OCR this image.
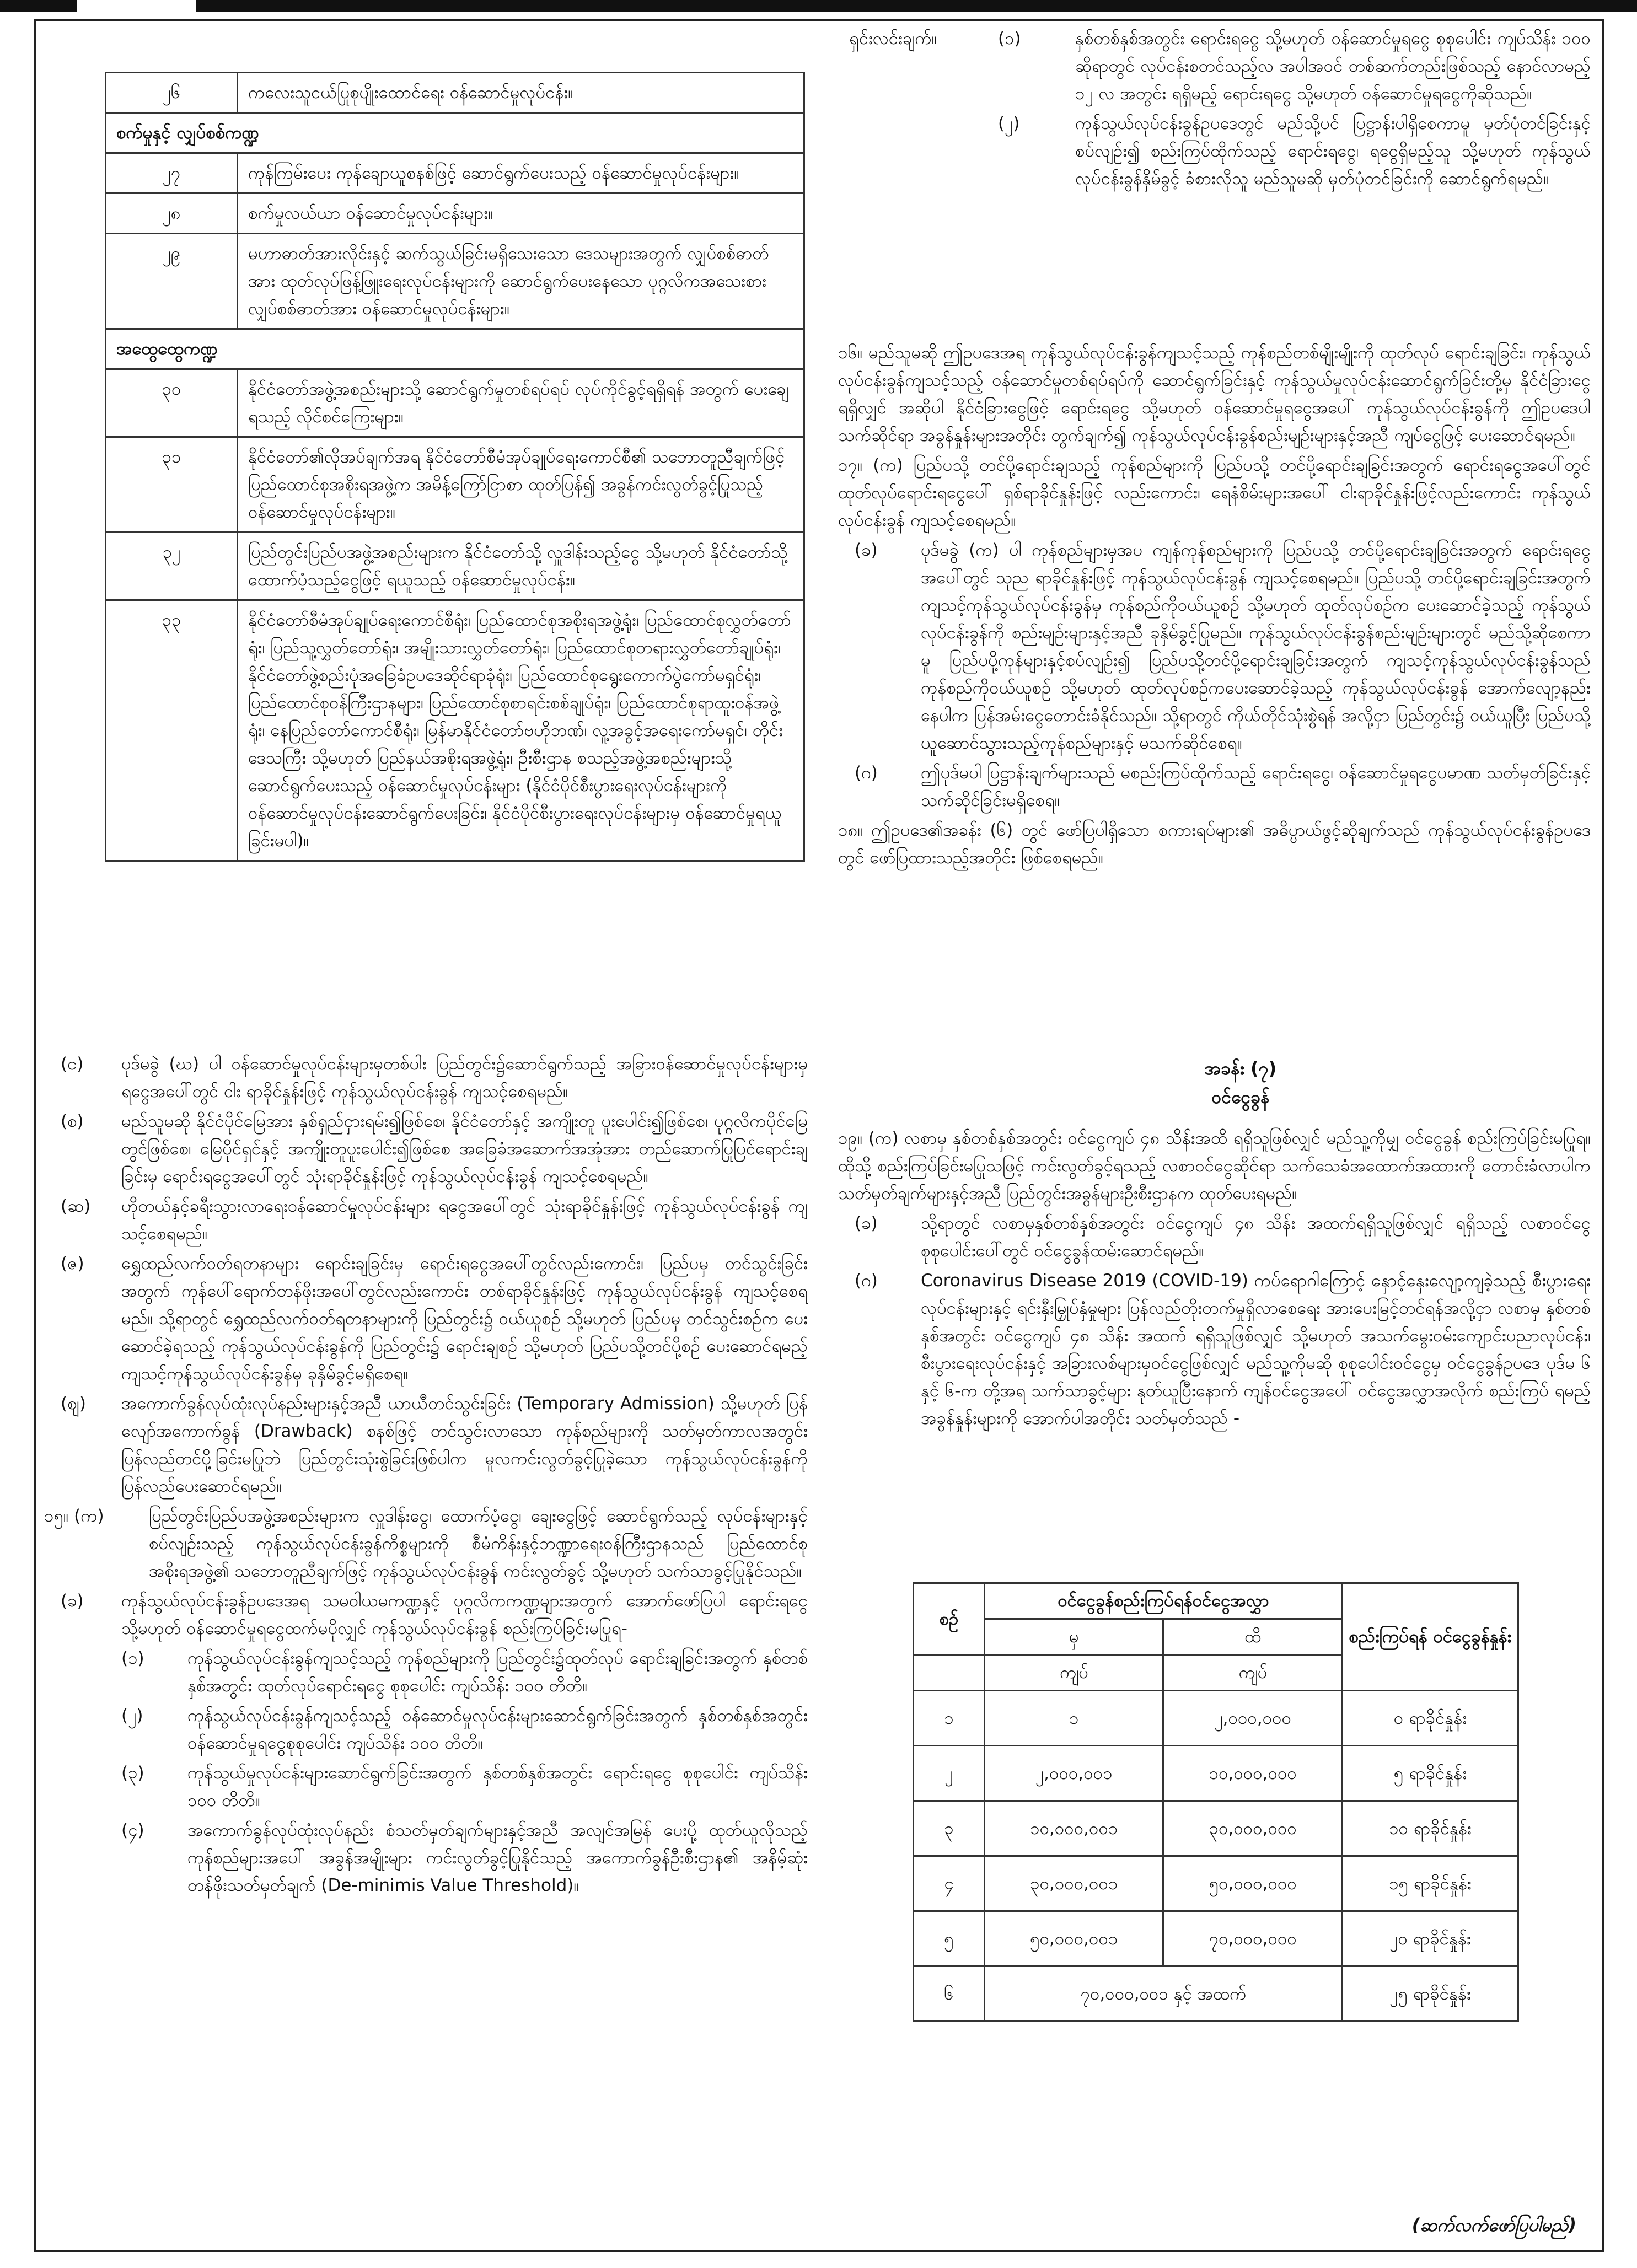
၂၆	ကလေးသူငယ်ပြုစုပျိုးထောင်ရေး ဝန်ဆောင်မှုလုပ်ငန်း။
စက်မှုနှင့် လျှပ်စစ်ကဏ္ဍ	
၂၇	ကုန်ကြမ်းပေး ကုန်ချောယူစနစ်ဖြင့် ဆောင်ရွက်ပေးသည့် ဝန်ဆောင်မှုလုပ်ငန်းများ။
၂၈	စက်မှုလယ်ယာ ဝန်ဆောင်မှုလုပ်ငန်းများ။
၂၉	မဟာဓာတ်အားလိုင်းနှင့် ဆက်သွယ်ခြင်းမရှိသေးသော ဒေသများအတွက် လျှပ်စစ်ဓာတ်အား ထုတ်လုပ်ဖြန့်ဖြူးရေးလုပ်ငန်းများကို ဆောင်ရွက်ပေးနေသော ပုဂ္ဂလိကအသေးစားလျှပ်စစ်ဓာတ်အား ဝန်ဆောင်မှုလုပ်ငန်းများ။
အထွေထွေကဏ္ဍ	
၃၀	နိုင်ငံတော်အဖွဲ့အစည်းများသို့ ဆောင်ရွက်မှုတစ်ရပ်ရပ် လုပ်ကိုင်ခွင့်ရရှိရန် အတွက် ပေးချေရသည့် လိုင်စင်ကြေးများ။
၃၁	နိုင်ငံတော်၏လိုအပ်ချက်အရ နိုင်ငံတော်စီမံအုပ်ချုပ်ရေးကောင်စီ၏ သဘောတူညီချက်ဖြင့် ပြည်ထောင်စုအစိုးရအဖွဲ့က အမိန့်ကြော်ငြာစာ ထုတ်ပြန်၍ အခွန်ကင်းလွတ်ခွင့်ပြုသည့် ဝန်ဆောင်မှုလုပ်ငန်းများ။
၃၂	ပြည်တွင်းပြည်ပအဖွဲ့အစည်းများက နိုင်ငံတော်သို့ လှူဒါန်းသည့်ငွေ သို့မဟုတ် နိုင်ငံတော်သို့ ထောက်ပံ့သည့်ငွေဖြင့် ရယူသည့် ဝန်ဆောင်မှုလုပ်ငန်း။
၃၃	နိုင်ငံတော်စီမံအုပ်ချုပ်ရေးကောင်စီရုံး၊ ပြည်ထောင်စုအစိုးရအဖွဲ့ရုံး၊ ပြည်ထောင်စုလွှတ်တော်ရုံး၊ ပြည်သူ့လွှတ်တော်ရုံး၊ အမျိုးသားလွှတ်တော်ရုံး၊ ပြည်ထောင်စုတရားလွှတ်တော်ချုပ်ရုံး၊ နိုင်ငံတော်ဖွဲ့စည်းပုံအခြေခံဥပဒေဆိုင်ရာခုံရုံး၊ ပြည်ထောင်စုရွေးကောက်ပွဲကော်မရှင်ရုံး၊ ပြည်ထောင်စုဝန်ကြီးဌာနများ၊ ပြည်ထောင်စုစာရင်းစစ်ချုပ်ရုံး၊ ပြည်ထောင်စုရာထူးဝန်အဖွဲ့ရုံး၊ နေပြည်တော်ကောင်စီရုံး၊ မြန်မာနိုင်ငံတော်ဗဟိုဘဏ်၊ လူ့အခွင့်အရေးကော်မရှင်၊ တိုင်းဒေသကြီး သို့မဟုတ် ပြည်နယ်အစိုးရအဖွဲ့ရုံး၊ ဦးစီးဌာန စသည့်အဖွဲ့အစည်းများသို့ ဆောင်ရွက်ပေးသည့် ဝန်ဆောင်မှုလုပ်ငန်းများ (နိုင်ငံပိုင်စီးပွားရေးလုပ်ငန်းများကို ဝန်ဆောင်မှုလုပ်ငန်းဆောင်ရွက်ပေးခြင်း၊ နိုင်ငံပိုင်စီးပွားရေးလုပ်ငန်းများမှ ဝန်ဆောင်မှုရယူခြင်းမပါ)။
(င)	ပုဒ်မခွဲ (ဃ) ပါ ဝန်ဆောင်မှုလုပ်ငန်းများမှတစ်ပါး ပြည်တွင်း၌ဆောင်ရွက်သည့် အခြားဝန်ဆောင်မှုလုပ်ငန်းများမှ ရငွေအပေါ်တွင် ငါး ရာခိုင်နှုန်းဖြင့် ကုန်သွယ်လုပ်ငန်းခွန် ကျသင့်စေရမည်။

(စ)	မည်သူမဆို နိုင်ငံပိုင်မြေအား နှစ်ရှည်ငှားရမ်း၍ဖြစ်စေ၊ နိုင်ငံတော်နှင့် အကျိုးတူ ပူးပေါင်း၍ဖြစ်စေ၊ ပုဂ္ဂလိကပိုင်မြေတွင်ဖြစ်စေ၊ မြေပိုင်ရှင်နှင့် အကျိုးတူပူးပေါင်း၍ဖြစ်စေ အခြေခံအဆောက်အအုံအား တည်ဆောက်ပြုပြင်ရောင်းချခြင်းမှ ရောင်းရငွေအပေါ်တွင် သုံးရာခိုင်နှုန်းဖြင့် ကုန်သွယ်လုပ်ငန်းခွန် ကျသင့်စေရမည်။

(ဆ)	ဟိုတယ်နှင့်ခရီးသွားလာရေးဝန်ဆောင်မှုလုပ်ငန်းများ ရငွေအပေါ်တွင် သုံးရာခိုင်နှုန်းဖြင့် ကုန်သွယ်လုပ်ငန်းခွန် ကျသင့်စေရမည်။

(ဇ)	ရွှေထည်လက်ဝတ်ရတနာများ ရောင်းချခြင်းမှ ရောင်းရငွေအပေါ်တွင်လည်းကောင်း၊ ပြည်ပမှ တင်သွင်းခြင်းအတွက် ကုန်ပေါ်ရောက်တန်ဖိုးအပေါ်တွင်လည်းကောင်း တစ်ရာခိုင်နှုန်းဖြင့် ကုန်သွယ်လုပ်ငန်းခွန် ကျသင့်စေရမည်။ သို့ရာတွင် ရွှေထည်လက်ဝတ်ရတနာများကို ပြည်တွင်း၌ ဝယ်ယူစဉ် သို့မဟုတ် ပြည်ပမှ တင်သွင်းစဉ်က ပေးဆောင်ခဲ့ရသည့် ကုန်သွယ်လုပ်ငန်းခွန်ကို ပြည်တွင်း၌ ရောင်းချစဉ် သို့မဟုတ် ပြည်ပသို့တင်ပို့စဉ် ပေးဆောင်ရမည့် ကျသင့်ကုန်သွယ်လုပ်ငန်းခွန်မှ ခုနှိမ်ခွင့်မရှိစေရ။

(ဈ)	အကောက်ခွန်လုပ်ထုံးလုပ်နည်းများနှင့်အညီ ယာယီတင်သွင်းခြင်း (Temporary Admission) သို့မဟုတ် ပြန်လျော်အကောက်ခွန် (Drawback) စနစ်ဖြင့် တင်သွင်းလာသော ကုန်စည်များကို သတ်မှတ်ကာလအတွင်း ပြန်လည်တင်ပို့ခြင်းမပြုဘဲ ပြည်တွင်းသုံးစွဲခြင်းဖြစ်ပါက မူလကင်းလွတ်ခွင့်ပြုခဲ့သော ကုန်သွယ်လုပ်ငန်းခွန်ကို ပြန်လည်ပေးဆောင်ရမည်။

၁၅။ (က)	ပြည်တွင်းပြည်ပအဖွဲ့အစည်းများက လှူဒါန်းငွေ၊ ထောက်ပံ့ငွေ၊ ချေးငွေဖြင့် ဆောင်ရွက်သည့် လုပ်ငန်းများနှင့်စပ်လျဉ်းသည့် ကုန်သွယ်လုပ်ငန်းခွန်ကိစ္စများကို စီမံကိန်းနှင့်ဘဏ္ဍာရေးဝန်ကြီးဌာနသည် ပြည်ထောင်စုအစိုးရအဖွဲ့၏ သဘောတူညီချက်ဖြင့် ကုန်သွယ်လုပ်ငန်းခွန် ကင်းလွတ်ခွင့် သို့မဟုတ် သက်သာခွင့်ပြုနိုင်သည်။

(ခ)	ကုန်သွယ်လုပ်ငန်းခွန်ဥပဒေအရ သမဝါယမကဏ္ဍနှင့် ပုဂ္ဂလိကကဏ္ဍများအတွက် အောက်ဖော်ပြပါ ရောင်းရငွေ သို့မဟုတ် ဝန်ဆောင်မှုရငွေထက်မပိုလျှင် ကုန်သွယ်လုပ်ငန်းခွန် စည်းကြပ်ခြင်းမပြုရ-

(၁)	ကုန်သွယ်လုပ်ငန်းခွန်ကျသင့်သည့် ကုန်စည်များကို ပြည်တွင်း၌ထုတ်လုပ် ရောင်းချခြင်းအတွက် နှစ်တစ်နှစ်အတွင်း ထုတ်လုပ်ရောင်းရငွေ စုစုပေါင်း ကျပ်သိန်း ၁၀၀ တိတိ။

(၂)	ကုန်သွယ်လုပ်ငန်းခွန်ကျသင့်သည့် ဝန်ဆောင်မှုလုပ်ငန်းများဆောင်ရွက်ခြင်းအတွက် နှစ်တစ်နှစ်အတွင်း ဝန်ဆောင်မှုရငွေစုစုပေါင်း ကျပ်သိန်း ၁၀၀ တိတိ။

(၃)	ကုန်သွယ်မှုလုပ်ငန်းများဆောင်ရွက်ခြင်းအတွက် နှစ်တစ်နှစ်အတွင်း ရောင်းရငွေ စုစုပေါင်း ကျပ်သိန်း ၁၀၀ တိတိ။

(၄)	အကောက်ခွန်လုပ်ထုံးလုပ်နည်း စံသတ်မှတ်ချက်များနှင့်အညီ အလျင်အမြန် ပေးပို့ ထုတ်ယူလိုသည့် ကုန်စည်များအပေါ် အခွန်အမျိုးများ ကင်းလွတ်ခွင့်ပြုနိုင်သည့် အကောက်ခွန်ဦးစီးဌာန၏ အနိမ့်ဆုံးတန်ဖိုးသတ်မှတ်ချက် (De-minimis Value Threshold)။

ရှင်းလင်းချက်။	(၁)	နှစ်တစ်နှစ်အတွင်း ရောင်းရငွေ သို့မဟုတ် ဝန်ဆောင်မှုရငွေ စုစုပေါင်း ကျပ်သိန်း ၁၀၀ ဆိုရာတွင် လုပ်ငန်းစတင်သည့်လ အပါအဝင် တစ်ဆက်တည်းဖြစ်သည့် နောင်လာမည့် ၁၂ လ အတွင်း ရရှိမည့် ရောင်းရငွေ သို့မဟုတ် ဝန်ဆောင်မှုရငွေကိုဆိုသည်။

(၂)	ကုန်သွယ်လုပ်ငန်းခွန်ဥပဒေတွင် မည်သို့ပင် ပြဋ္ဌာန်းပါရှိစေကာမူ မှတ်ပုံတင်ခြင်းနှင့်စပ်လျဉ်း၍ စည်းကြပ်ထိုက်သည့် ရောင်းရငွေ၊ ရငွေရှိမည့်သူ သို့မဟုတ် ကုန်သွယ်လုပ်ငန်းခွန်နှိမ်ခွင့် ခံစားလိုသူ မည်သူမဆို မှတ်ပုံတင်ခြင်းကို ဆောင်ရွက်ရမည်။

၁၆။ မည်သူမဆို ဤဥပဒေအရ ကုန်သွယ်လုပ်ငန်းခွန်ကျသင့်သည့် ကုန်စည်တစ်မျိုးမျိုးကို ထုတ်လုပ် ရောင်းချခြင်း၊ ကုန်သွယ်လုပ်ငန်းခွန်ကျသင့်သည့် ဝန်ဆောင်မှုတစ်ရပ်ရပ်ကို ဆောင်ရွက်ခြင်းနှင့် ကုန်သွယ်မှုလုပ်ငန်းဆောင်ရွက်ခြင်းတို့မှ နိုင်ငံခြားငွေရရှိလျှင် အဆိုပါ နိုင်ငံခြားငွေဖြင့် ရောင်းရငွေ သို့မဟုတ် ဝန်ဆောင်မှုရငွေအပေါ် ကုန်သွယ်လုပ်ငန်းခွန်ကို ဤဥပဒေပါ သက်ဆိုင်ရာ အခွန်နှုန်းများအတိုင်း တွက်ချက်၍ ကုန်သွယ်လုပ်ငန်းခွန်စည်းမျဉ်းများနှင့်အညီ ကျပ်ငွေဖြင့် ပေးဆောင်ရမည်။

၁၇။ (က) ပြည်ပသို့ တင်ပို့ရောင်းချသည့် ကုန်စည်များကို ပြည်ပသို့ တင်ပို့ရောင်းချခြင်းအတွက် ရောင်းရငွေအပေါ်တွင် ထုတ်လုပ်ရောင်းရငွေပေါ် ရှစ်ရာခိုင်နှုန်းဖြင့် လည်းကောင်း၊ ရေနံစိမ်းများအပေါ် ငါးရာခိုင်နှုန်းဖြင့်လည်းကောင်း ကုန်သွယ်လုပ်ငန်းခွန် ကျသင့်စေရမည်။

(ခ)	ပုဒ်မခွဲ (က) ပါ ကုန်စည်များမှအပ ကျန်ကုန်စည်များကို ပြည်ပသို့ တင်ပို့ရောင်းချခြင်းအတွက် ရောင်းရငွေအပေါ်တွင် သုည ရာခိုင်နှုန်းဖြင့် ကုန်သွယ်လုပ်ငန်းခွန် ကျသင့်စေရမည်။ ပြည်ပသို့ တင်ပို့ရောင်းချခြင်းအတွက် ကျသင့်ကုန်သွယ်လုပ်ငန်းခွန်မှ ကုန်စည်ကိုဝယ်ယူစဉ် သို့မဟုတ် ထုတ်လုပ်စဉ်က ပေးဆောင်ခဲ့သည့် ကုန်သွယ်လုပ်ငန်းခွန်ကို စည်းမျဉ်းများနှင့်အညီ ခုနှိမ်ခွင့်ပြုမည်။ ကုန်သွယ်လုပ်ငန်းခွန်စည်းမျဉ်းများတွင် မည်သို့ဆိုစေကာမူ ပြည်ပပို့ကုန်များနှင့်စပ်လျဉ်း၍ ပြည်ပသို့တင်ပို့ရောင်းချခြင်းအတွက် ကျသင့်ကုန်သွယ်လုပ်ငန်းခွန်သည် ကုန်စည်ကိုဝယ်ယူစဉ် သို့မဟုတ် ထုတ်လုပ်စဉ်ကပေးဆောင်ခဲ့သည့် ကုန်သွယ်လုပ်ငန်းခွန် အောက်လျော့နည်းနေပါက ပြန်အမ်းငွေတောင်းခံနိုင်သည်။ သို့ရာတွင် ကိုယ်တိုင်သုံးစွဲရန် အလို့ငှာ ပြည်တွင်း၌ ဝယ်ယူပြီး ပြည်ပသို့ ယူဆောင်သွားသည့်ကုန်စည်များနှင့် မသက်ဆိုင်စေရ။

(ဂ)	ဤပုဒ်မပါ ပြဋ္ဌာန်းချက်များသည် မစည်းကြပ်ထိုက်သည့် ရောင်းရငွေ၊ ဝန်ဆောင်မှုရငွေပမာဏ သတ်မှတ်ခြင်းနှင့် သက်ဆိုင်ခြင်းမရှိစေရ။

၁၈။ ဤဥပဒေ၏အခန်း (၆) တွင် ဖော်ပြပါရှိသော စကားရပ်များ၏ အဓိပ္ပာယ်ဖွင့်ဆိုချက်သည် ကုန်သွယ်လုပ်ငန်းခွန်ဥပဒေတွင် ဖော်ပြထားသည့်အတိုင်း ဖြစ်စေရမည်။

အခန်း (၇)
ဝင်ငွေခွန်

၁၉။ (က) လစာမှ နှစ်တစ်နှစ်အတွင်း ဝင်ငွေကျပ် ၄၈ သိန်းအထိ ရရှိသူဖြစ်လျှင် မည်သူ့ကိုမျှ ဝင်ငွေခွန် စည်းကြပ်ခြင်းမပြုရ။ ထိုသို့ စည်းကြပ်ခြင်းမပြုသဖြင့် ကင်းလွတ်ခွင့်ရသည့် လစာဝင်ငွေဆိုင်ရာ သက်သေခံအထောက်အထားကို တောင်းခံလာပါက သတ်မှတ်ချက်များနှင့်အညီ ပြည်တွင်းအခွန်များဦးစီးဌာနက ထုတ်ပေးရမည်။

(ခ)	သို့ရာတွင် လစာမှနှစ်တစ်နှစ်အတွင်း ဝင်ငွေကျပ် ၄၈ သိန်း အထက်ရရှိသူဖြစ်လျှင် ရရှိသည့် လစာဝင်ငွေ စုစုပေါင်းပေါ်တွင် ဝင်ငွေခွန်ထမ်းဆောင်ရမည်။

(ဂ)	Coronavirus Disease 2019 (COVID-19) ကပ်ရောဂါကြောင့် နှောင့်နှေးလျော့ကျခဲ့သည့် စီးပွားရေးလုပ်ငန်းများနှင့် ရင်းနှီးမြှုပ်နှံမှုများ ပြန်လည်တိုးတက်မှုရှိလာစေရေး အားပေးမြင့်တင်ရန်အလို့ငှာ လစာမှ နှစ်တစ်နှစ်အတွင်း ဝင်ငွေကျပ် ၄၈ သိန်း အထက် ရရှိသူဖြစ်လျှင် သို့မဟုတ် အသက်မွေးဝမ်းကျောင်းပညာလုပ်ငန်း၊ စီးပွားရေးလုပ်ငန်းနှင့် အခြားလစ်များမှဝင်ငွေဖြစ်လျှင် မည်သူ့ကိုမဆို စုစုပေါင်းဝင်ငွေမှ ဝင်ငွေခွန်ဥပဒေ ပုဒ်မ ၆ နှင့် ၆-က တို့အရ သက်သာခွင့်များ နုတ်ယူပြီးနောက် ကျန်ဝင်ငွေအပေါ် ဝင်ငွေအလွှာအလိုက် စည်းကြပ် ရမည့် အခွန်နှုန်းများကို အောက်ပါအတိုင်း သတ်မှတ်သည် -

စဉ်	ဝင်ငွေခွန်စည်းကြပ်ရန်ဝင်ငွေအလွှာ		စည်းကြပ်ရန် ဝင်ငွေခွန်နှုန်း
	မှ	ထိ	
	ကျပ်	ကျပ်	
၁	၁	၂,၀၀၀,၀၀၀	၀ ရာခိုင်နှုန်း
၂	၂,၀၀၀,၀၀၁	၁၀,၀၀၀,၀၀၀	၅ ရာခိုင်နှုန်း
၃	၁၀,၀၀၀,၀၀၁	၃၀,၀၀၀,၀၀၀	၁၀ ရာခိုင်နှုန်း
၄	၃၀,၀၀၀,၀၀၁	၅၀,၀၀၀,၀၀၀	၁၅ ရာခိုင်နှုန်း
၅	၅၀,၀၀၀,၀၀၁	၇၀,၀၀၀,၀၀၀	၂၀ ရာခိုင်နှုန်း
၆	၇၀,၀၀၀,၀၀၁ နှင့် အထက်		၂၅ ရာခိုင်နှုန်း
(ဆက်လက်ဖော်ပြပါမည်)
